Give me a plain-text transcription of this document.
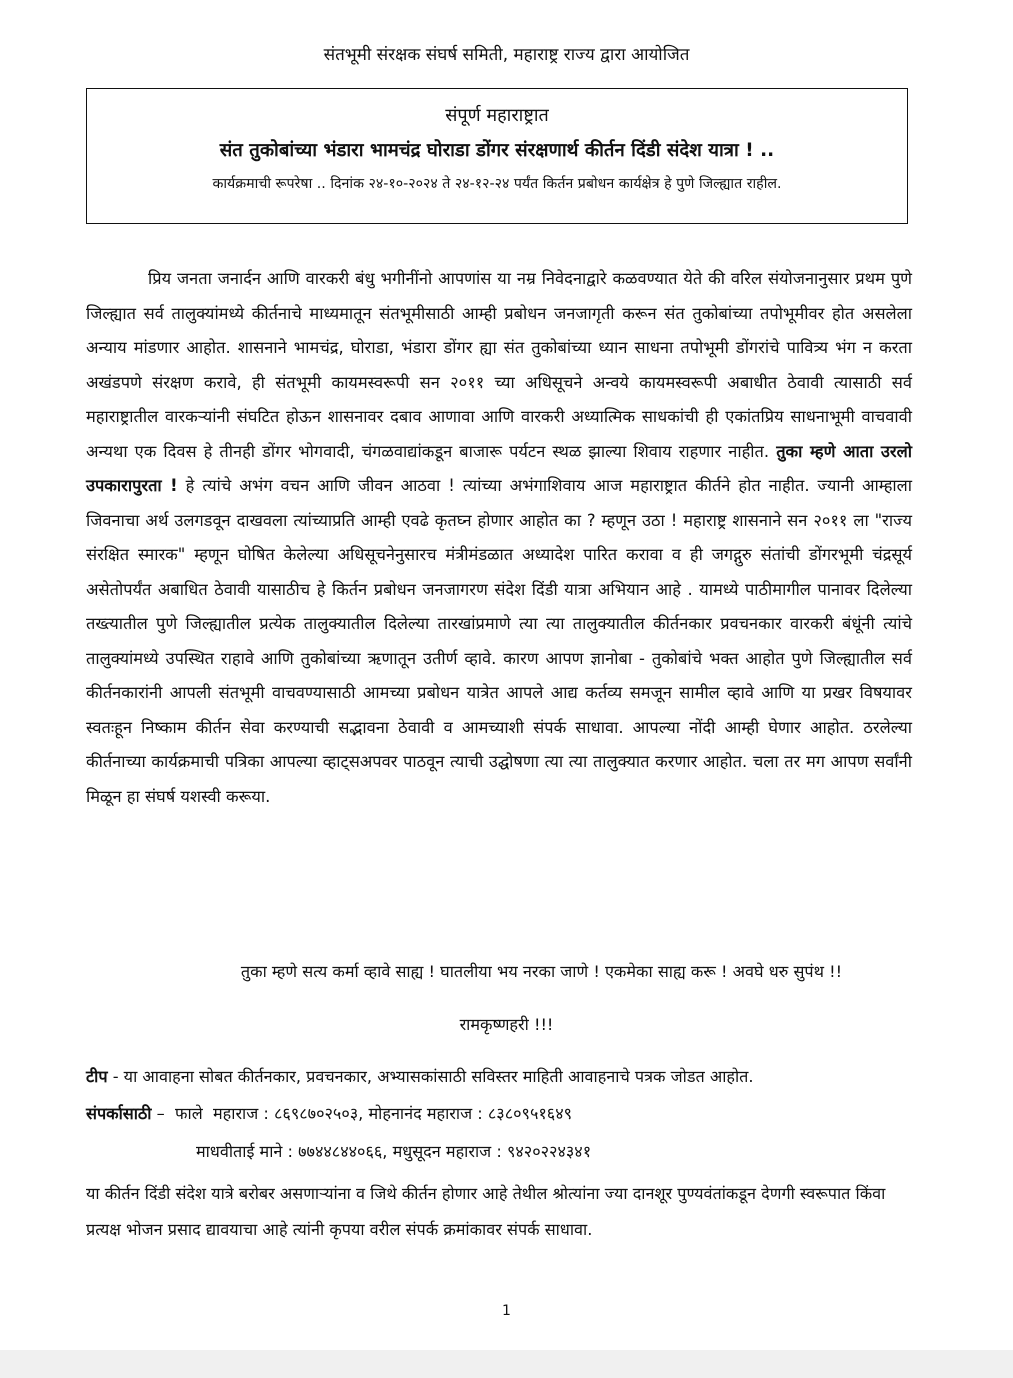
संतभूमी संरक्षक संघर्ष समिती, महाराष्ट्र राज्य द्वारा आयोजित
संपूर्ण महाराष्ट्रात
संत तुकोबांच्या भंडारा भामचंद्र घोराडा डोंगर संरक्षणार्थ कीर्तन दिंडी संदेश यात्रा ! ..
कार्यक्रमाची रूपरेषा .. दिनांक २४-१०-२०२४ ते २४-१२-२४ पर्यंत किर्तन प्रबोधन कार्यक्षेत्र हे पुणे जिल्ह्यात राहील.

प्रिय जनता जनार्दन आणि वारकरी बंधु भगीनींनो आपणांस या नम्र निवेदनाद्वारे कळवण्यात येते की वरिल संयोजनानुसार प्रथम पुणे जिल्ह्यात सर्व तालुक्यांमध्ये कीर्तनाचे माध्यमातून संतभूमीसाठी आम्ही प्रबोधन जनजागृती करून संत तुकोबांच्या तपोभूमीवर होत असलेला अन्याय मांडणार आहोत. शासनाने भामचंद्र, घोराडा, भंडारा डोंगर ह्या संत तुकोबांच्या ध्यान साधना तपोभूमी डोंगरांचे पावित्र्य भंग न करता अखंडपणे संरक्षण करावे, ही संतभूमी कायमस्वरूपी सन २०११ च्या अधिसूचने अन्वये कायमस्वरूपी अबाधीत ठेवावी त्यासाठी सर्व महाराष्ट्रातील वारकऱ्यांनी संघटित होऊन शासनावर दबाव आणावा आणि वारकरी अध्यात्मिक साधकांची ही एकांतप्रिय साधनाभूमी वाचवावी अन्यथा एक दिवस हे तीनही डोंगर भोगवादी, चंगळवाद्यांकडून बाजारू पर्यटन स्थळ झाल्या शिवाय राहणार नाहीत. तुका म्हणे आता उरलो उपकारापुरता ! हे त्यांचे अभंग वचन आणि जीवन आठवा ! त्यांच्या अभंगाशिवाय आज महाराष्ट्रात कीर्तने होत नाहीत. ज्यानी आम्हाला जिवनाचा अर्थ उलगडवून दाखवला त्यांच्याप्रति आम्ही एवढे कृतघ्न होणार आहोत का ? म्हणून उठा ! महाराष्ट्र शासनाने सन २०११ ला "राज्य संरक्षित स्मारक" म्हणून घोषित केलेल्या अधिसूचनेनुसारच मंत्रीमंडळात अध्यादेश पारित करावा व ही जगद्गुरु संतांची डोंगरभूमी चंद्रसूर्य असेतोपर्यंत अबाधित ठेवावी यासाठीच हे किर्तन प्रबोधन जनजागरण संदेश दिंडी यात्रा अभियान आहे . यामध्ये पाठीमागील पानावर दिलेल्या तख्त्यातील पुणे जिल्ह्यातील प्रत्येक तालुक्यातील दिलेल्या तारखांप्रमाणे त्या त्या तालुक्यातील कीर्तनकार प्रवचनकार वारकरी बंधूंनी त्यांचे तालुक्यांमध्ये उपस्थित राहावे आणि तुकोबांच्या ऋणातून उतीर्ण व्हावे. कारण आपण ज्ञानोबा - तुकोबांचे भक्त आहोत पुणे जिल्ह्यातील सर्व कीर्तनकारांनी आपली संतभूमी वाचवण्यासाठी आमच्या प्रबोधन यात्रेत आपले आद्य कर्तव्य समजून सामील व्हावे आणि या प्रखर विषयावर स्वतःहून निष्काम कीर्तन सेवा करण्याची सद्भावना ठेवावी व आमच्याशी संपर्क साधावा. आपल्या नोंदी आम्ही घेणार आहोत. ठरलेल्या कीर्तनाच्या कार्यक्रमाची पत्रिका आपल्या व्हाट्सअपवर पाठवून त्याची उद्घोषणा त्या त्या तालुक्यात करणार आहोत. चला तर मग आपण सर्वांनी मिळून हा संघर्ष यशस्वी करूया.

तुका म्हणे सत्य कर्मा व्हावे साह्य ! घातलीया भय नरका जाणे ! एकमेका साह्य करू ! अवघे धरु सुपंथ !!
रामकृष्णहरी !!!
टीप - या आवाहना सोबत कीर्तनकार, प्रवचनकार, अभ्यासकांसाठी सविस्तर माहिती आवाहनाचे पत्रक जोडत आहोत.
संपर्कासाठी –  फाले  महाराज : ८६९८७०२५०३, मोहनानंद महाराज : ८३८०९५१६४९
माधवीताई माने : ७७४४८४४०६६, मधुसूदन महाराज : ९४२०२२४३४१

या कीर्तन दिंडी संदेश यात्रे बरोबर असणाऱ्यांना व जिथे कीर्तन होणार आहे तेथील श्रोत्यांना ज्या दानशूर पुण्यवंतांकडून देणगी स्वरूपात किंवा प्रत्यक्ष भोजन प्रसाद द्यावयाचा आहे त्यांनी कृपया वरील संपर्क क्रमांकावर संपर्क साधावा.

1
